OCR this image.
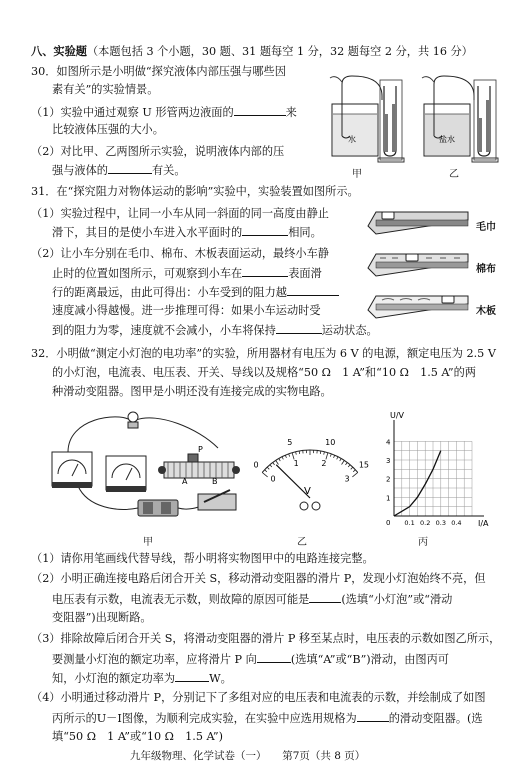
八、实验题（本题包括 3 个小题，30 题、31 题每空 1 分，32 题每空 2 分，共 16 分）
30．如图所示是小明做“探究液体内部压强与哪些因
素有关”的实验情景。
（1）实验中通过观察 U 形管两边液面的	来
比较液体压强的大小。
（2）对比甲、乙两图所示实验，说明液体内部的压
强与液体的	有关。
水	盐水
甲	乙
31．在“探究阻力对物体运动的影响”实验中，实验装置如图所示。
（1）实验过程中，让同一小车从同一斜面的同一高度由静止
滑下，其目的是使小车进入水平面时的	相同。
（2）让小车分别在毛巾、棉布、木板表面运动，最终小车静
止时的位置如图所示，可观察到小车在	表面滑
行的距离最远，由此可得出：小车受到的阻力越
速度减小得越慢。进一步推理可得：如果小车运动时受
到的阻力为零，速度就不会减小，小车将保持	运动状态。
毛巾
棉布
木板
32．小明做“测定小灯泡的电功率”的实验，所用器材有电压为 6 V 的电源，额定电压为 2.5 V
的小灯泡，电流表、电压表、开关、导线以及规格“50 Ω　1 A”和“10 Ω　1.5 A”的两
种滑动变阻器。图甲是小明还没有连接完成的实物电路。
A	B
P
0
5	10
15
0
1	2
3
V
U/V
I/A
0
1
2
3
4
0.1 0.2 0.3 0.4
甲	乙	丙
（1）请你用笔画线代替导线，帮小明将实物图甲中的电路连接完整。
（2）小明正确连接电路后闭合开关 S，移动滑动变阻器的滑片 P，发现小灯泡始终不亮，但
电压表有示数，电流表无示数，则故障的原因可能是	(选填“小灯泡”或“滑动
变阻器”)出现断路。
（3）排除故障后闭合开关 S，将滑动变阻器的滑片 P 移至某点时，电压表的示数如图乙所示，
要测量小灯泡的额定功率，应将滑片 P 向	(选填“A”或“B”)滑动，由图丙可
知，小灯泡的额定功率为	W。
（4）小明通过移动滑片 P，分别记下了多组对应的电压表和电流表的示数，并绘制成了如图
丙所示的U－I图像，为顺利完成实验，在实验中应选用规格为	的滑动变阻器。(选
填“50 Ω　1 A”或“10 Ω　1.5 A”)
九年级物理、化学试卷（一）　　第7页（共 8 页）
